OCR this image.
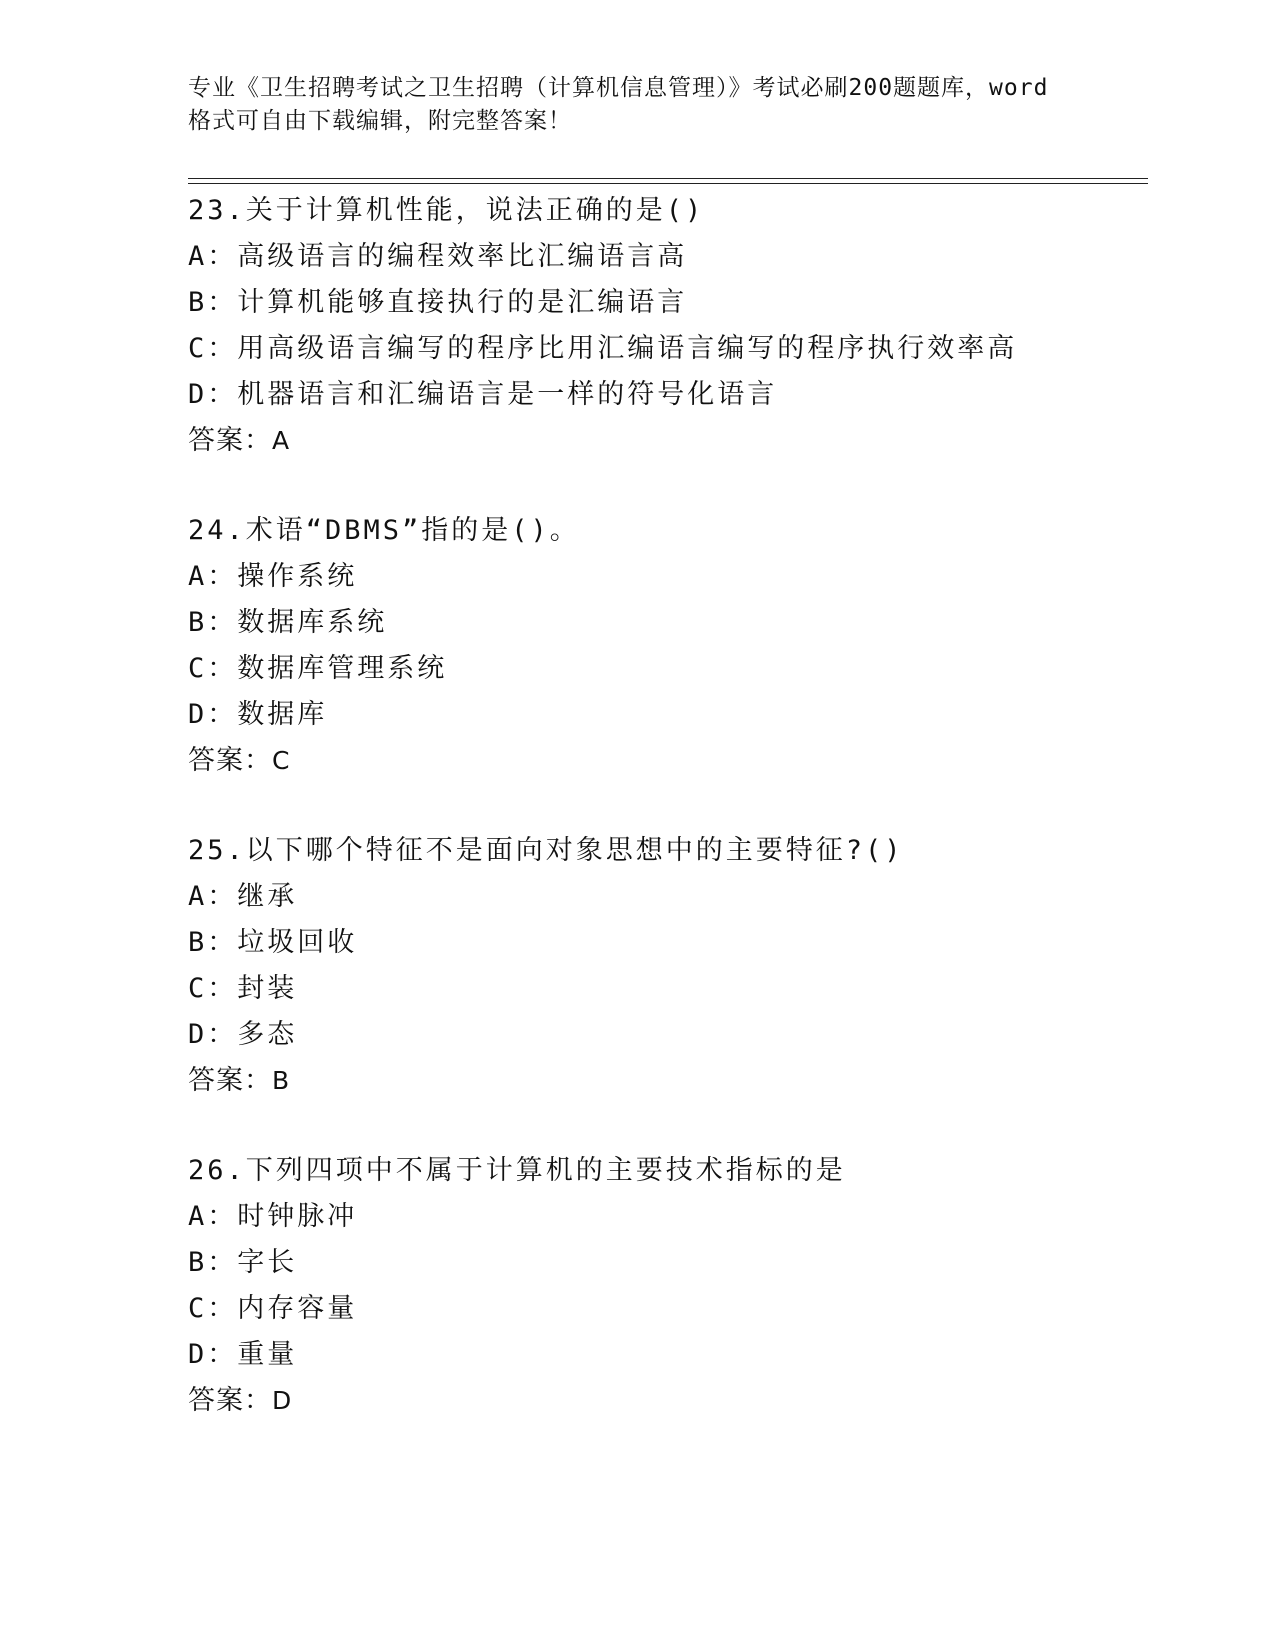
专业《卫生招聘考试之卫生招聘（计算机信息管理）》考试必刷200题题库，word
格式可自由下载编辑，附完整答案！
23.关于计算机性能，说法正确的是()
A：高级语言的编程效率比汇编语言高
B：计算机能够直接执行的是汇编语言
C：用高级语言编写的程序比用汇编语言编写的程序执行效率高
D：机器语言和汇编语言是一样的符号化语言
答案：A
24.术语“DBMS”指的是()。
A：操作系统
B：数据库系统
C：数据库管理系统
D：数据库
答案：C
25.以下哪个特征不是面向对象思想中的主要特征?()
A：继承
B：垃圾回收
C：封装
D：多态
答案：B
26.下列四项中不属于计算机的主要技术指标的是
A：时钟脉冲
B：字长
C：内存容量
D：重量
答案：D
